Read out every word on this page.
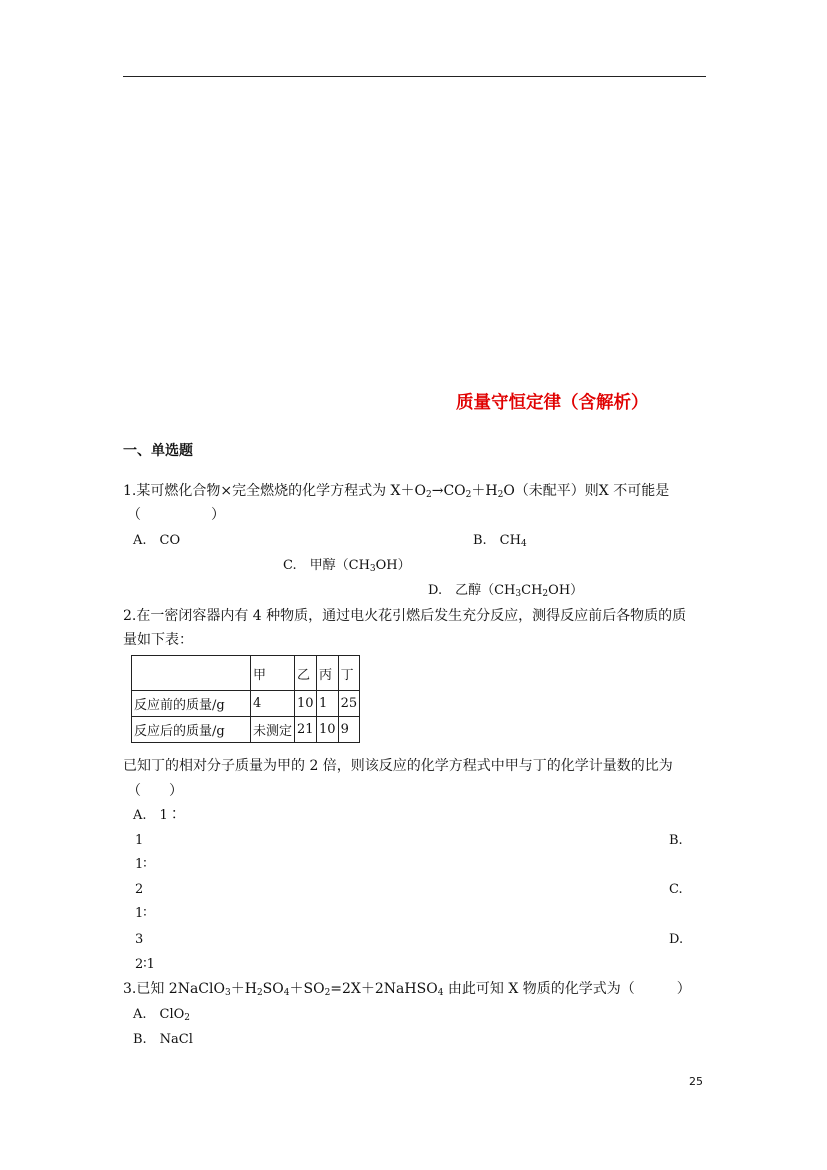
质量守恒定律（含解析）
一、单选题
1.某可燃化合物×完全燃烧的化学方程式为 $X+O_2\to CO_2+H_2O$（未配平）则X 不可能是
（　　　　　）
A.　CO	B.　$CH_4$
C.　甲醇$(CH_3OH)$
D.　乙醇$(CH_3CH_2OH)$
2.在一密闭容器内有 4 种物质，通过电火花引燃后发生充分反应，测得反应前后各物质的质
量如下表：
	甲	乙	丙	丁
反应前的质量/g	4	10	1	25
反应后的质量/g	未测定	21	10	9
已知丁的相对分子质量为甲的 2 倍，则该反应的化学方程式中甲与丁的化学计量数的比为
（　　）
A.　1∶
1	B.
1∶
2	C.
1∶
3	D.
2∶1
3.已知 $2NaClO_3+H_2SO_4+SO_2=2X+2NaHSO_4$ 由此可知 X 物质的化学式为（　　　）
A.　ClO$_2$
B.　NaCl
25
